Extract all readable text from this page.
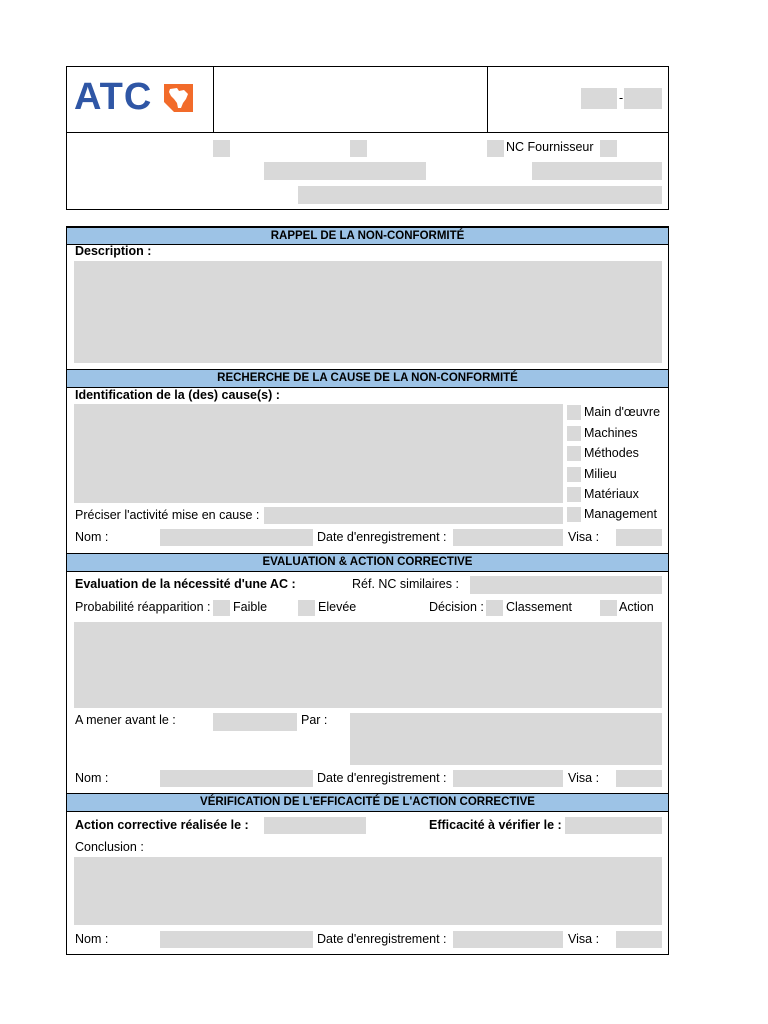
ATC	-
NC Fournisseur
RAPPEL DE LA NON-CONFORMITÉ
Description :
RECHERCHE DE LA CAUSE DE LA NON-CONFORMITÉ
Identification de la (des) cause(s) :
Main d'œuvre
Machines
Méthodes
Milieu
Matériaux
Management
Préciser l'activité mise en cause :
Nom :	Date d'enregistrement :	Visa :
EVALUATION & ACTION CORRECTIVE
Evaluation de la nécessité d'une AC :	Réf. NC similaires :
Probabilité réapparition : Faible	Elevée	Décision : Classement	Action
A mener avant le :	Par :
Nom :	Date d'enregistrement :	Visa :
VÉRIFICATION DE L'EFFICACITÉ DE L'ACTION CORRECTIVE
Action corrective réalisée le :	Efficacité à vérifier le :
Conclusion :
Nom :	Date d'enregistrement :	Visa :
